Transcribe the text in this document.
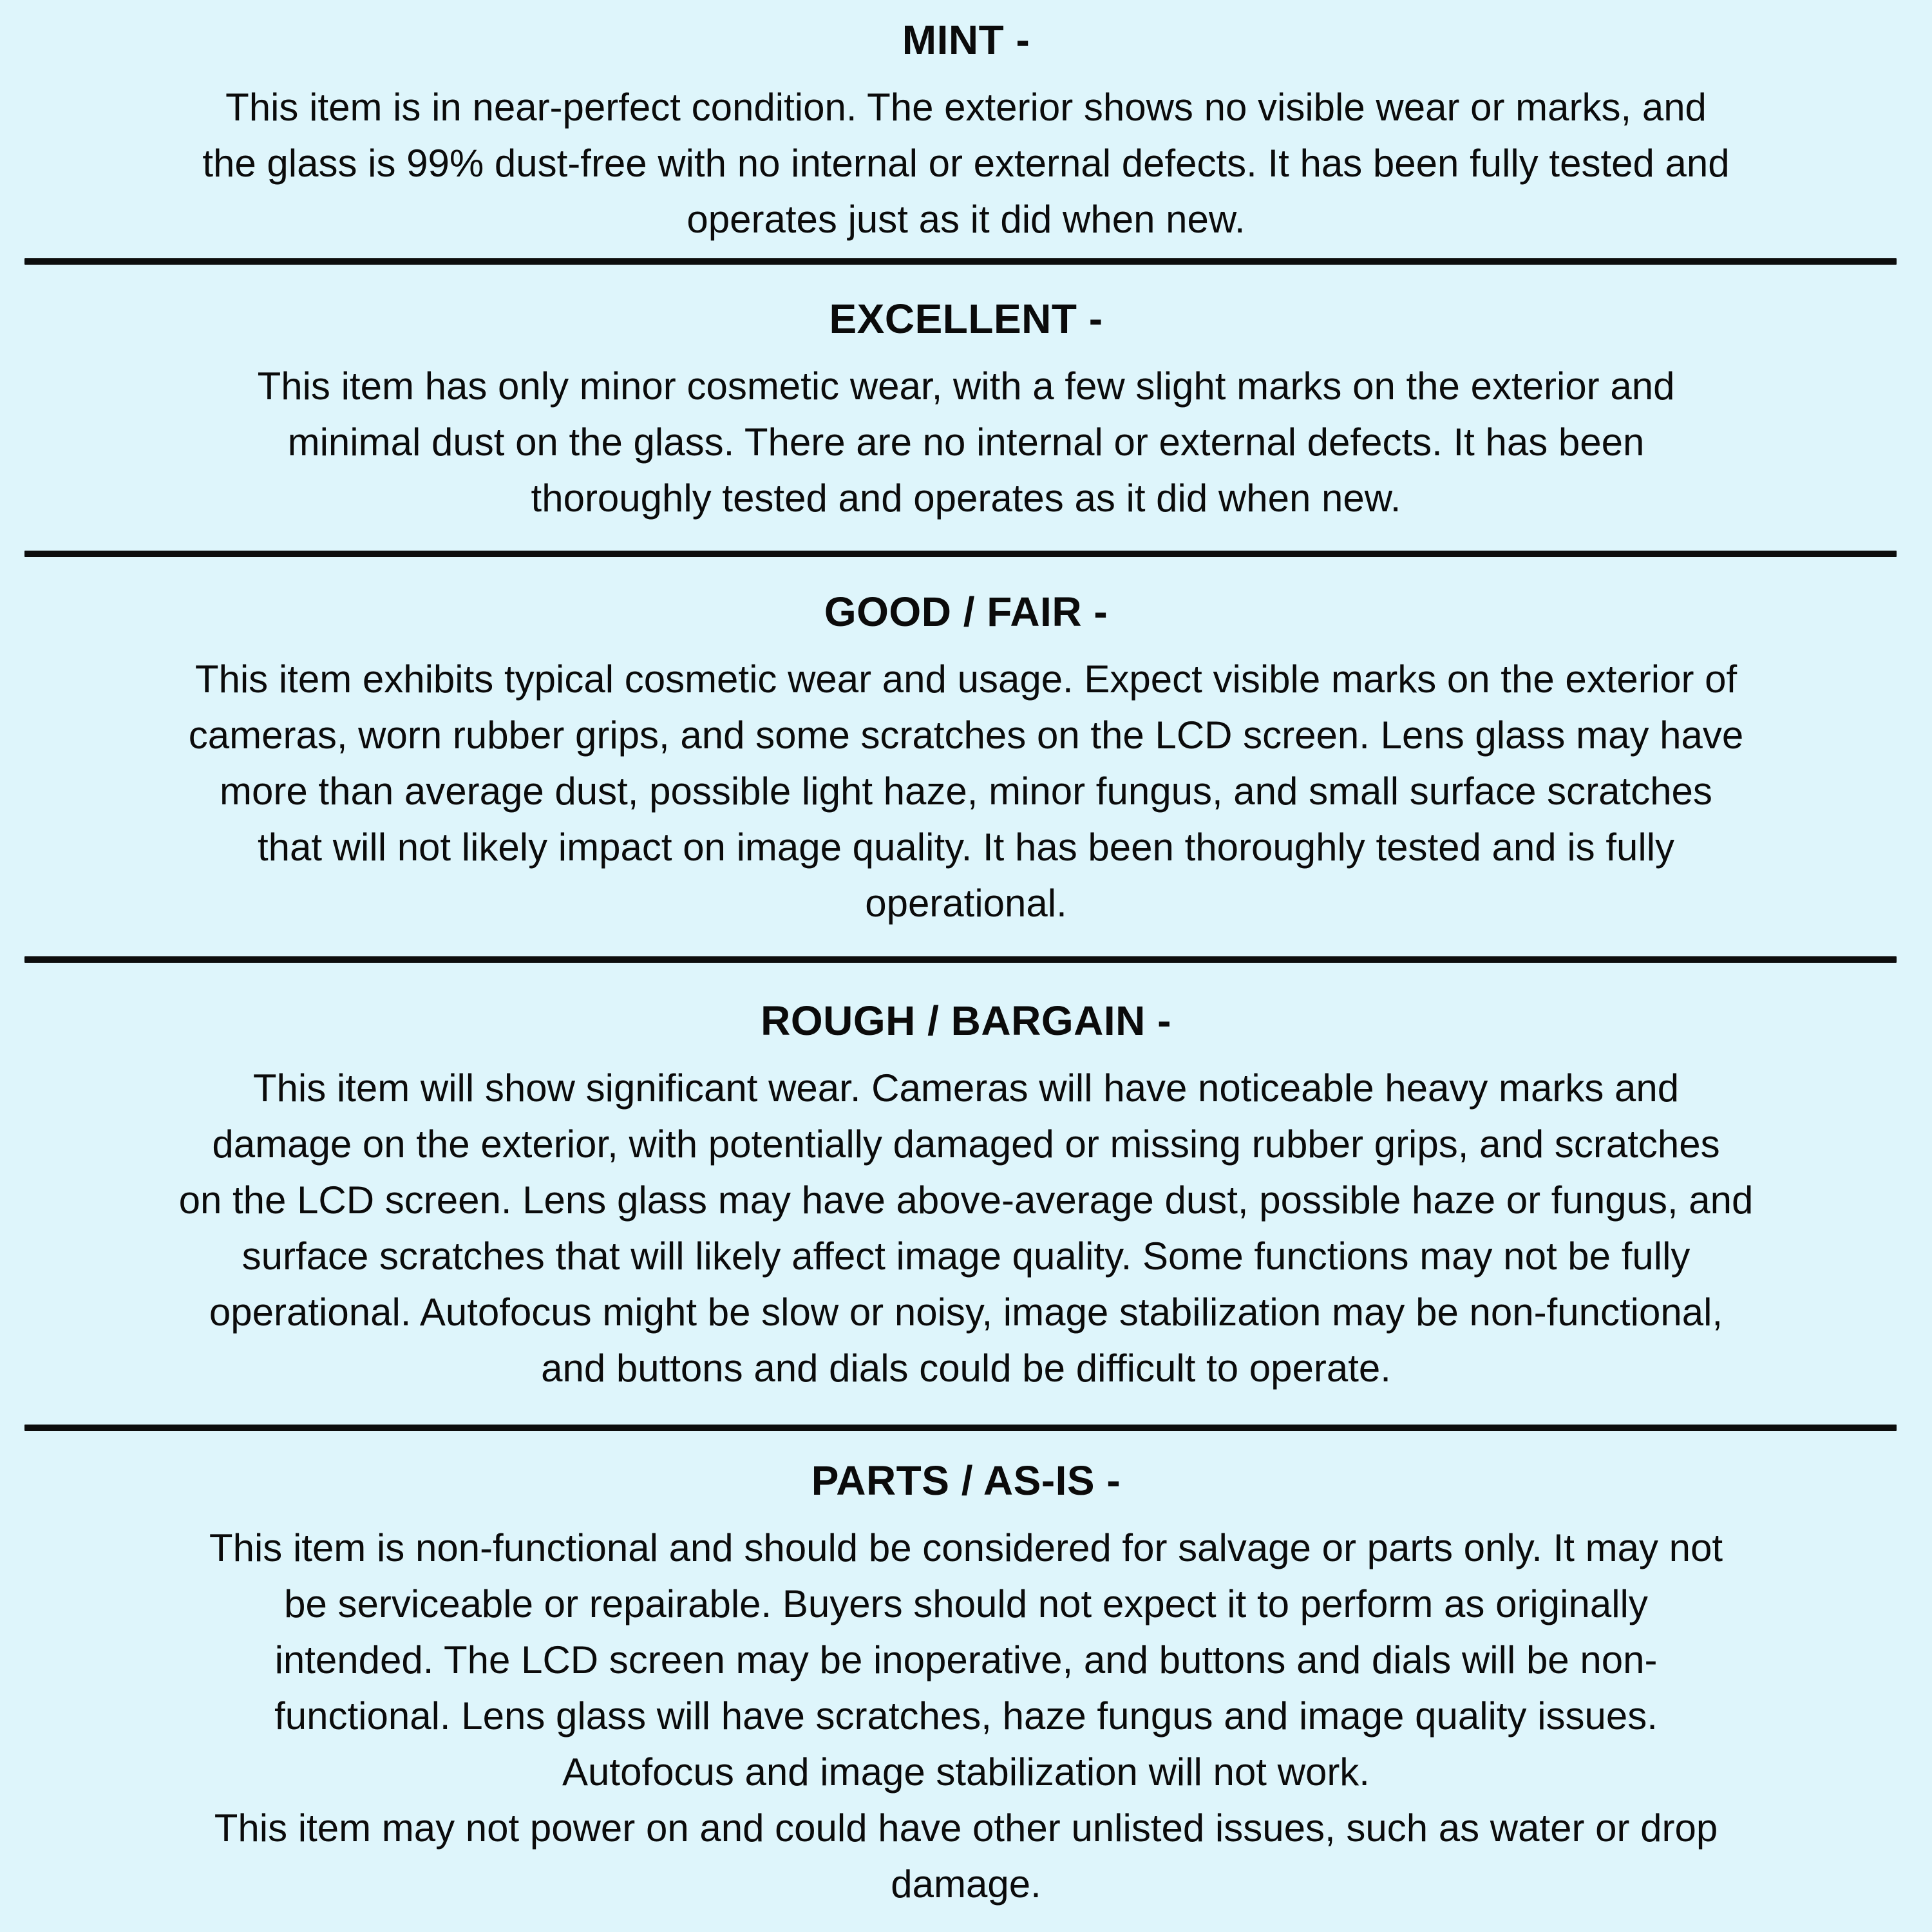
MINT -
This item is in near-perfect condition. The exterior shows no visible wear or marks, and
the glass is 99% dust-free with no internal or external defects. It has been fully tested and
operates just as it did when new.
EXCELLENT -
This item has only minor cosmetic wear, with a few slight marks on the exterior and
minimal dust on the glass. There are no internal or external defects. It has been
thoroughly tested and operates as it did when new.
GOOD / FAIR -
This item exhibits typical cosmetic wear and usage. Expect visible marks on the exterior of
cameras, worn rubber grips, and some scratches on the LCD screen. Lens glass may have
more than average dust, possible light haze, minor fungus, and small surface scratches
that will not likely impact on image quality. It has been thoroughly tested and is fully
operational.
ROUGH / BARGAIN -
This item will show significant wear. Cameras will have noticeable heavy marks and
damage on the exterior, with potentially damaged or missing rubber grips, and scratches
on the LCD screen. Lens glass may have above-average dust, possible haze or fungus, and
surface scratches that will likely affect image quality. Some functions may not be fully
operational. Autofocus might be slow or noisy, image stabilization may be non-functional,
and buttons and dials could be difficult to operate.
PARTS / AS-IS -
This item is non-functional and should be considered for salvage or parts only. It may not
be serviceable or repairable. Buyers should not expect it to perform as originally
intended. The LCD screen may be inoperative, and buttons and dials will be non-
functional. Lens glass will have scratches, haze fungus and image quality issues.
Autofocus and image stabilization will not work.
This item may not power on and could have other unlisted issues, such as water or drop
damage.
